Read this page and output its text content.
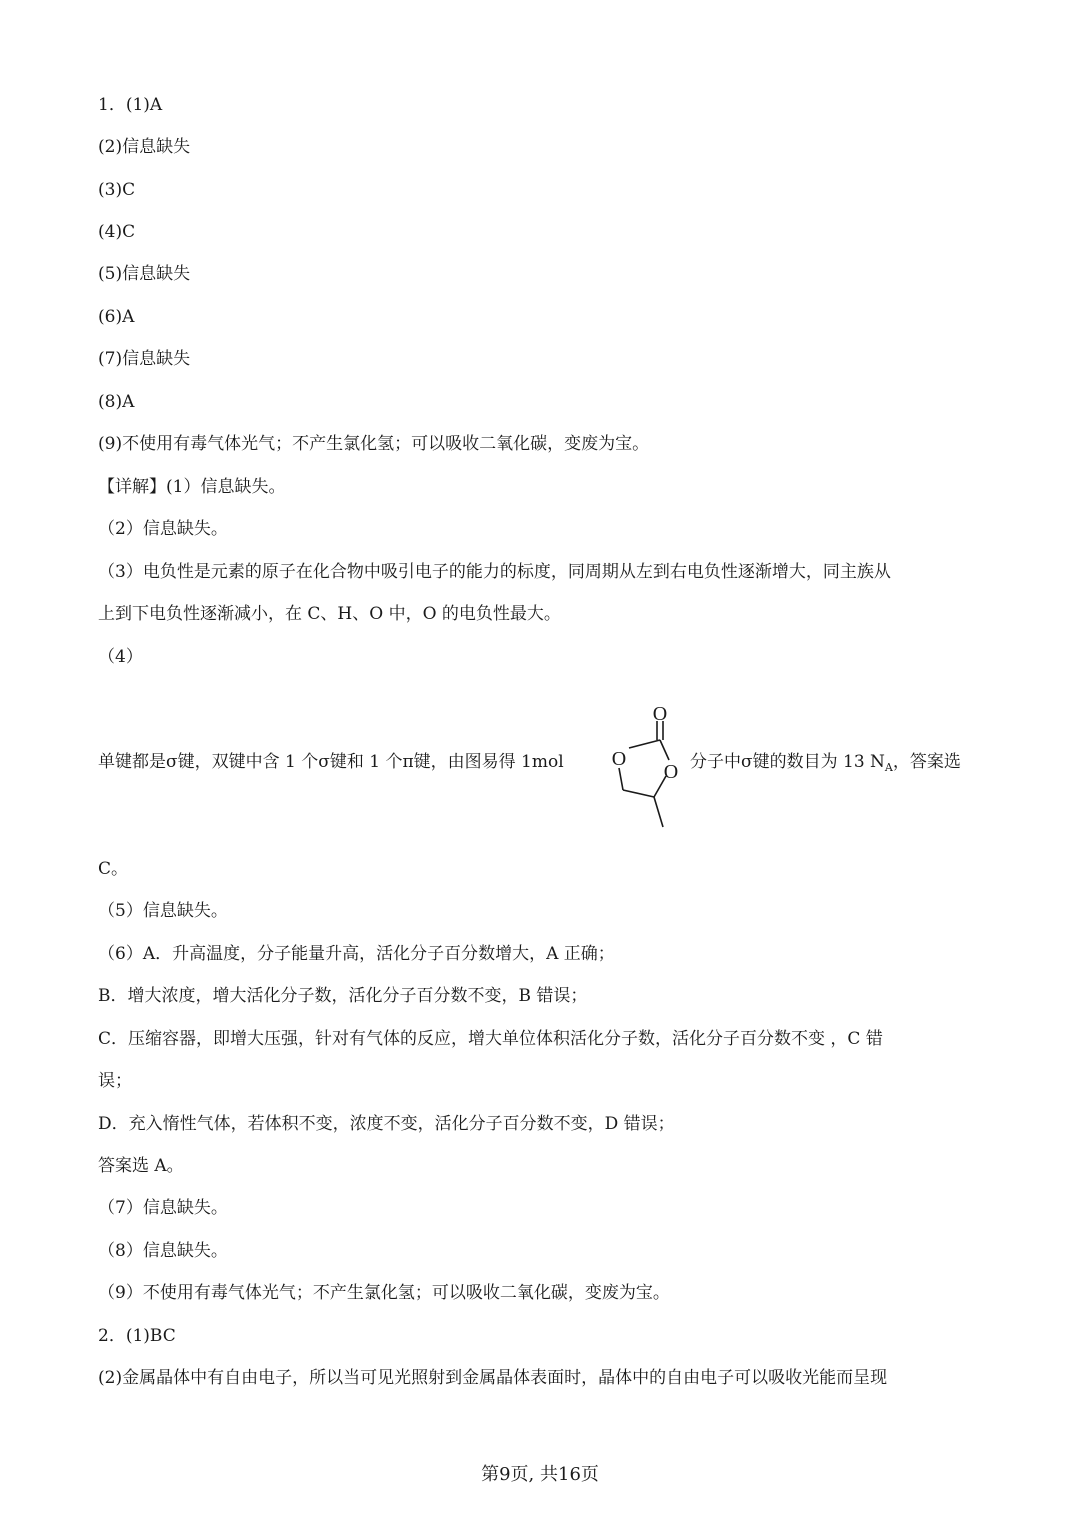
1．(1)A
(2)信息缺失
(3)C
(4)C
(5)信息缺失
(6)A
(7)信息缺失
(8)A
(9)不使用有毒气体光气；不产生氯化氢；可以吸收二氧化碳，变废为宝。
【详解】(1）信息缺失。
（2）信息缺失。
（3）电负性是元素的原子在化合物中吸引电子的能力的标度，同周期从左到右电负性逐渐增大，同主族从
上到下电负性逐渐减小，在 C、H、O 中，O 的电负性最大。
（4）
单键都是σ键，双键中含 1 个σ键和 1 个π键，由图易得 1mol
O
O
O 分子中σ键的数目为 13 $N_A$，答案选
C。
（5）信息缺失。
（6）A．升高温度，分子能量升高，活化分子百分数增大，A 正确；
B．增大浓度，增大活化分子数，活化分子百分数不变，B 错误；
C．压缩容器，即增大压强，针对有气体的反应，增大单位体积活化分子数，活化分子百分数不变 ，C 错
误；
D．充入惰性气体，若体积不变，浓度不变，活化分子百分数不变，D 错误；
答案选 A。
（7）信息缺失。
（8）信息缺失。
（9）不使用有毒气体光气；不产生氯化氢；可以吸收二氧化碳，变废为宝。
2．(1)BC
(2)金属晶体中有自由电子，所以当可见光照射到金属晶体表面时，晶体中的自由电子可以吸收光能而呈现
第9页, 共16页
